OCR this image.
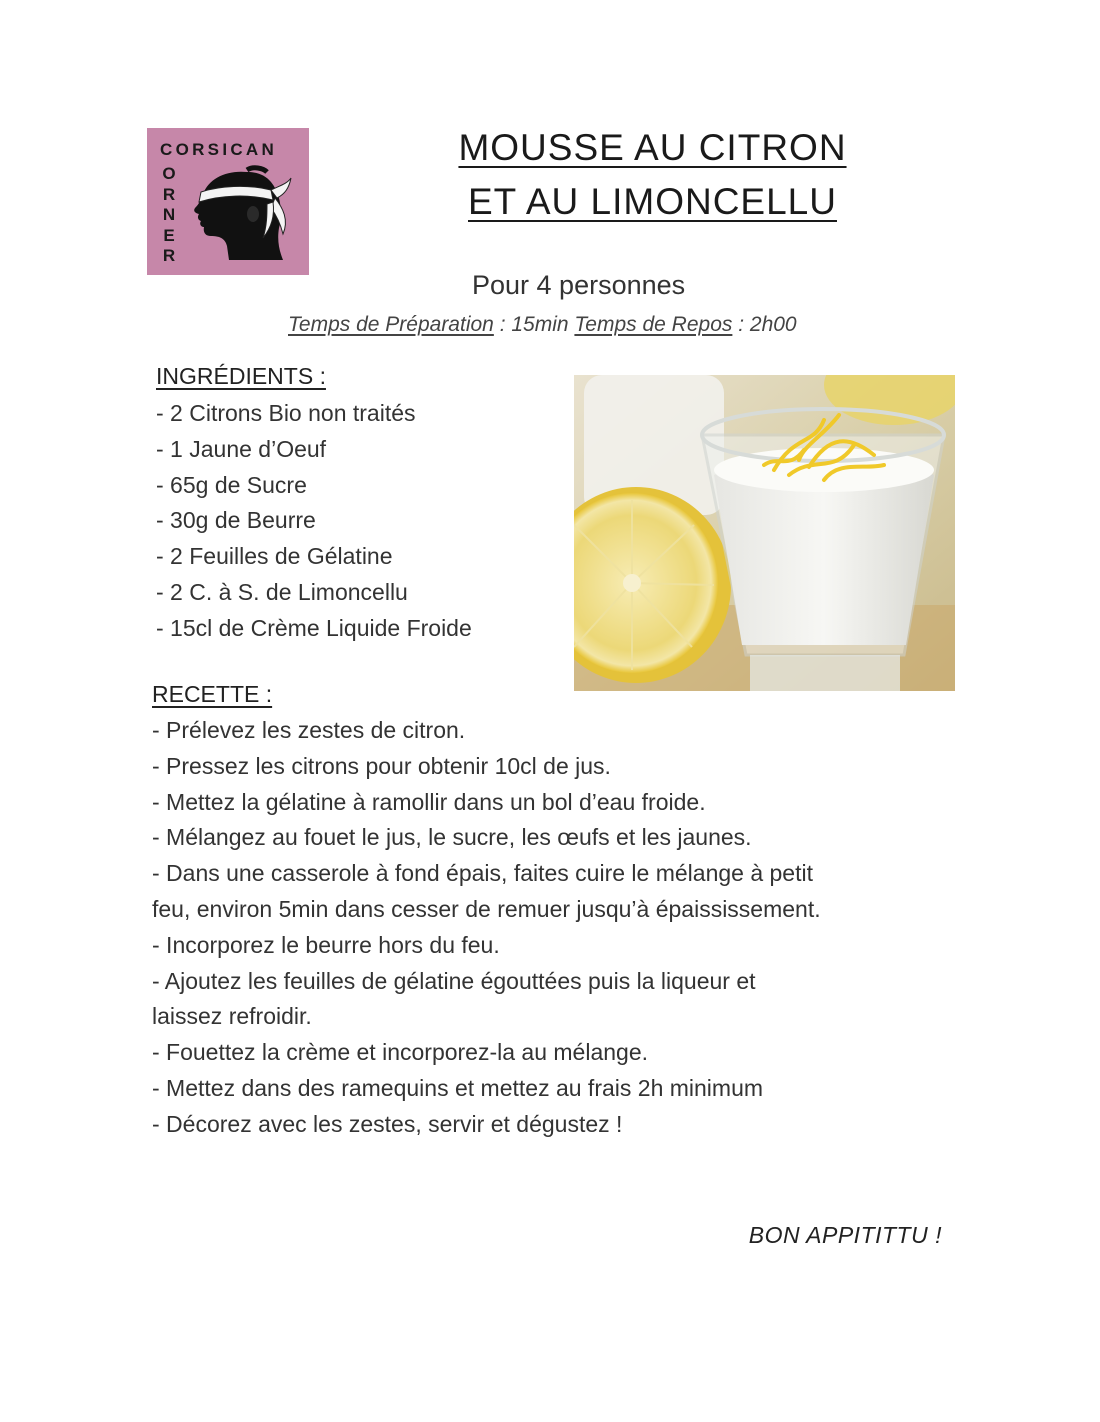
CORSICAN
O
R
N
E
R
MOUSSE AU CITRON
ET AU LIMONCELLU
Pour 4 personnes
Temps de Préparation : 15min Temps de Repos : 2h00
INGRÉDIENTS :
- 2 Citrons Bio non traités
- 1 Jaune d’Oeuf
- 65g de Sucre
- 30g de Beurre
- 2 Feuilles de Gélatine
- 2 C. à S. de Limoncellu
- 15cl de Crème Liquide Froide
RECETTE :
- Prélevez les zestes de citron.
- Pressez les citrons pour obtenir 10cl de jus.
- Mettez la gélatine à ramollir dans un bol d’eau froide.
- Mélangez au fouet le jus, le sucre, les œufs et les jaunes.
- Dans une casserole à fond épais, faites cuire le mélange à petit
feu, environ 5min dans cesser de remuer jusqu’à épaississement.
- Incorporez le beurre hors du feu.
- Ajoutez les feuilles de gélatine égouttées puis la liqueur et
laissez refroidir.
- Fouettez la crème et incorporez-la au mélange.
- Mettez dans des ramequins et mettez au frais 2h minimum
- Décorez avec les zestes, servir et dégustez !
BON APPITITTU !
